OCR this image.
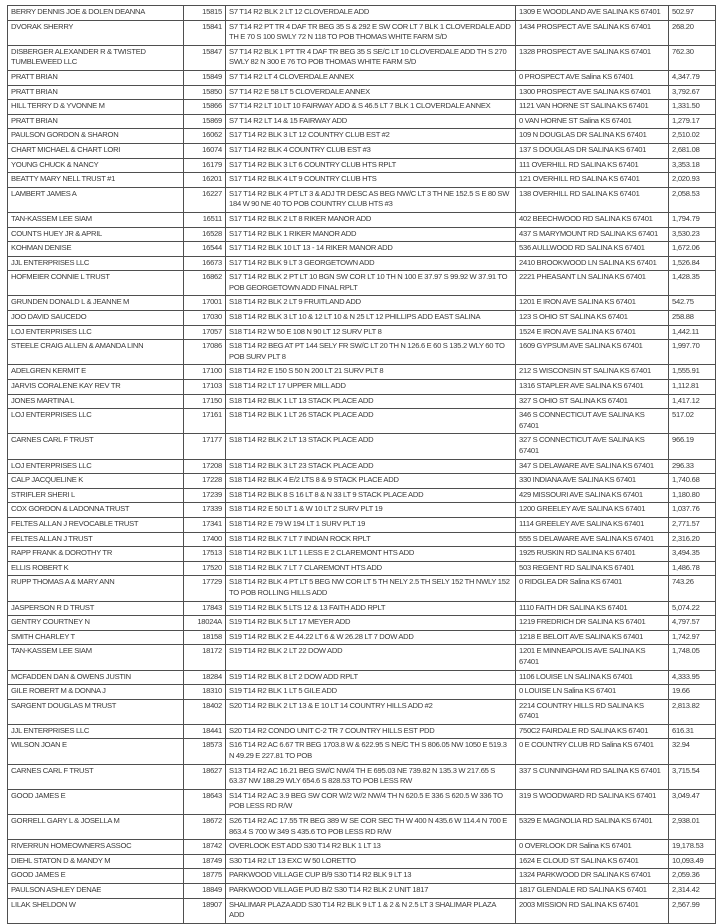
BERRY DENNIS JOE & DOLEN DEANNA	15815	S7 T14 R2 BLK 2 LT 12 CLOVERDALE ADD	1309 E WOODLAND AVE SALINA KS 67401	502.97
DVORAK SHERRY	15841	S7 T14 R2 PT TR 4 DAF TR BEG 35 S & 292 E SW COR LT 7 BLK 1 CLOVERDALE ADD TH E 70 S 100 SWLY 72 N 118 TO POB THOMAS WHITE FARM S/D	1434 PROSPECT AVE SALINA KS 67401	268.20
DISBERGER ALEXANDER R & TWISTED TUMBLEWEED LLC	15847	S7 T14 R2 BLK 1 PT TR 4 DAF TR BEG 35 S SE/C LT 10 CLOVERDALE ADD TH S 270 SWLY 82 N 300 E 76 TO POB THOMAS WHITE FARM S/D	1328 PROSPECT AVE SALINA KS 67401	762.30
PRATT BRIAN	15849	S7 T14 R2 LT 4 CLOVERDALE ANNEX	0 PROSPECT AVE Salina KS 67401	4,347.79
PRATT BRIAN	15850	S7 T14 R2 E 58 LT 5 CLOVERDALE ANNEX	1300 PROSPECT AVE SALINA KS 67401	3,792.67
HILL TERRY D & YVONNE M	15866	S7 T14 R2 LT 10 LT 10 FAIRWAY ADD & S 46.5 LT 7 BLK 1 CLOVERDALE ANNEX	1121 VAN HORNE ST SALINA KS 67401	1,331.50
PRATT BRIAN	15869	S7 T14 R2 LT 14 & 15 FAIRWAY ADD	0 VAN HORNE ST Salina KS 67401	1,279.17
PAULSON GORDON & SHARON	16062	S17 T14 R2 BLK 3 LT 12 COUNTRY CLUB EST #2	109 N DOUGLAS DR SALINA KS 67401	2,510.02
CHART MICHAEL & CHART LORI	16074	S17 T14 R2 BLK 4 COUNTRY CLUB EST #3	137 S DOUGLAS DR SALINA KS 67401	2,681.08
YOUNG CHUCK & NANCY	16179	S17 T14 R2 BLK 3 LT 6 COUNTRY CLUB HTS RPLT	111 OVERHILL RD SALINA KS 67401	3,353.18
BEATTY MARY NELL TRUST #1	16201	S17 T14 R2 BLK 4 LT 9 COUNTRY CLUB HTS	121 OVERHILL RD SALINA KS 67401	2,020.93
LAMBERT JAMES A	16227	S17 T14 R2 BLK 4 PT LT 3 & ADJ TR DESC AS BEG NW/C LT 3 TH NE 152.5 S E 80 SW 184 W 90 NE 40 TO POB COUNTRY CLUB HTS #3	138 OVERHILL RD SALINA KS 67401	2,058.53
TAN-KASSEM LEE SIAM	16511	S17 T14 R2 BLK 2 LT 8 RIKER MANOR ADD	402 BEECHWOOD RD SALINA KS 67401	1,794.79
COUNTS HUEY JR & APRIL	16528	S17 T14 R2 BLK 1 RIKER MANOR ADD	437 S MARYMOUNT RD SALINA KS 67401	3,530.23
KOHMAN DENISE	16544	S17 T14 R2 BLK 10 LT 13 - 14 RIKER MANOR ADD	536 AULLWOOD RD SALINA KS 67401	1,672.06
JJL ENTERPRISES LLC	16673	S17 T14 R2 BLK 9 LT 3 GEORGETOWN ADD	2410 BROOKWOOD LN SALINA KS 67401	1,526.84
HOFMEIER CONNIE L TRUST	16862	S17 T14 R2 BLK 2 PT LT 10 BGN SW COR LT 10 TH N 100 E 37.97 S 99.92 W 37.91 TO POB GEORGETOWN ADD FINAL RPLT	2221 PHEASANT LN SALINA KS 67401	1,428.35
GRUNDEN DONALD L & JEANNE M	17001	S18 T14 R2 BLK 2 LT 9 FRUITLAND ADD	1201 E IRON AVE SALINA KS 67401	542.75
JOO DAVID SAUCEDO	17030	S18 T14 R2 BLK 3 LT 10 & 12 LT 10 & N 25 LT 12 PHILLIPS ADD EAST SALINA	123 S OHIO ST SALINA KS 67401	258.88
LOJ ENTERPRISES LLC	17057	S18 T14 R2 W 50 E 108 N 90 LT 12 SURV PLT 8	1524 E IRON AVE SALINA KS 67401	1,442.11
STEELE CRAIG ALLEN & AMANDA LINN	17086	S18 T14 R2 BEG AT PT 144 SELY FR SW/C LT 20 TH N 126.6 E 60 S 135.2 WLY 60 TO POB SURV PLT 8	1609 GYPSUM AVE SALINA KS 67401	1,997.70
ADELGREN KERMIT E	17100	S18 T14 R2 E 150 S 50 N 200 LT 21 SURV PLT 8	212 S WISCONSIN ST SALINA KS 67401	1,555.91
JARVIS CORALENE KAY REV TR	17103	S18 T14 R2 LT 17 UPPER MILL ADD	1316 STAPLER AVE SALINA KS 67401	1,112.81
JONES MARTINA L	17150	S18 T14 R2 BLK 1 LT 13 STACK PLACE ADD	327 S OHIO ST SALINA KS 67401	1,417.12
LOJ ENTERPRISES LLC	17161	S18 T14 R2 BLK 1 LT 26 STACK PLACE ADD	346 S CONNECTICUT AVE SALINA KS 67401	517.02
CARNES CARL F TRUST	17177	S18 T14 R2 BLK 2 LT 13 STACK PLACE ADD	327 S CONNECTICUT AVE SALINA KS 67401	966.19
LOJ ENTERPRISES LLC	17208	S18 T14 R2 BLK 3 LT 23 STACK PLACE ADD	347 S DELAWARE AVE SALINA KS 67401	296.33
CALP JACQUELINE K	17228	S18 T14 R2 BLK 4 E/2 LTS 8 & 9 STACK PLACE ADD	330 INDIANA AVE SALINA KS 67401	1,740.68
STRIFLER SHERI L	17239	S18 T14 R2 BLK 8 S 16 LT 8 & N 33 LT 9 STACK PLACE ADD	429 MISSOURI AVE SALINA KS 67401	1,180.80
COX GORDON & LADONNA TRUST	17339	S18 T14 R2 E 50 LT 1 & W 10 LT 2 SURV PLT 19	1200 GREELEY AVE SALINA KS 67401	1,037.76
FELTES ALLAN J REVOCABLE TRUST	17341	S18 T14 R2 E 79 W 194 LT 1 SURV PLT 19	1114 GREELEY AVE SALINA KS 67401	2,771.57
FELTES ALLAN J TRUST	17400	S18 T14 R2 BLK 7 LT 7 INDIAN ROCK RPLT	555 S DELAWARE AVE SALINA KS 67401	2,316.20
RAPP FRANK & DOROTHY TR	17513	S18 T14 R2 BLK 1 LT 1 LESS E 2 CLAREMONT HTS ADD	1925 RUSKIN RD SALINA KS 67401	3,494.35
ELLIS ROBERT K	17520	S18 T14 R2 BLK 7 LT 7 CLAREMONT HTS ADD	503 REGENT RD SALINA KS 67401	1,486.78
RUPP THOMAS A & MARY ANN	17729	S18 T14 R2 BLK 4 PT LT 5 BEG NW COR LT 5 TH NELY 2.5 TH SELY 152 TH NWLY 152 TO POB ROLLING HILLS ADD	0 RIDGLEA DR Salina KS 67401	743.26
JASPERSON R D TRUST	17843	S19 T14 R2 BLK 5 LTS 12 & 13 FAITH ADD RPLT	1110 FAITH DR SALINA KS 67401	5,074.22
GENTRY COURTNEY N	18024A	S19 T14 R2 BLK 5 LT 17 MEYER ADD	1219 FREDRICH DR SALINA KS 67401	4,797.57
SMITH CHARLEY T	18158	S19 T14 R2 BLK 2 E 44.22 LT 6 & W 26.28 LT 7 DOW ADD	1218 E BELOIT AVE SALINA KS 67401	1,742.97
TAN-KASSEM LEE SIAM	18172	S19 T14 R2 BLK 2 LT 22 DOW ADD	1201 E MINNEAPOLIS AVE SALINA KS 67401	1,748.05
MCFADDEN DAN & OWENS JUSTIN	18284	S19 T14 R2 BLK 8 LT 2 DOW ADD RPLT	1106 LOUISE LN SALINA KS 67401	4,333.95
GILE ROBERT M & DONNA J	18310	S19 T14 R2 BLK 1 LT 5 GILE ADD	0 LOUISE LN Salina KS 67401	19.66
SARGENT DOUGLAS M TRUST	18402	S20 T14 R2 BLK 2 LT 13 & E 10 LT 14 COUNTRY HILLS ADD #2	2214 COUNTRY HILLS RD SALINA KS 67401	2,813.82
JJL ENTERPRISES LLC	18441	S20 T14 R2 CONDO UNIT C-2 TR 7 COUNTRY HILLS EST PDD	750C2 FAIRDALE RD SALINA KS 67401	616.31
WILSON JOAN E	18573	S16 T14 R2 AC 6.67 TR BEG 1703.8 W & 622.95 S NE/C TH S 806.05 NW 1050 E 519.3 N 49.29 E 227.81 TO POB	0 E COUNTRY CLUB RD Salina KS 67401	32.94
CARNES CARL F TRUST	18627	S13 T14 R2 AC 16.21 BEG SW/C NW/4 TH E 695.03 NE 739.82 N 135.3 W 217.65 S 63.37 NW 188.29 WLY 654.6 S 828.53 TO POB LESS RW	337 S CUNNINGHAM RD SALINA KS 67401	3,715.54
GOOD JAMES E	18643	S14 T14 R2 AC 3.9 BEG SW COR W/2 W/2 NW/4 TH N 620.5 E 336 S 620.5 W 336 TO POB LESS RD R/W	319 S WOODWARD RD SALINA KS 67401	3,049.47
GORRELL GARY L & JOSELLA M	18672	S26 T14 R2 AC 17.55 TR BEG 389 W SE COR SEC TH W 400 N 435.6 W 114.4 N 700 E 863.4 S 700 W 349 S 435.6 TO POB LESS RD R/W	5329 E MAGNOLIA RD SALINA KS 67401	2,938.01
RIVERRUN HOMEOWNERS ASSOC	18742	OVERLOOK EST ADD S30 T14 R2 BLK 1 LT 13	0 OVERLOOK DR Salina KS 67401	19,178.53
DIEHL STATON D & MANDY M	18749	S30 T14 R2 LT 13 EXC W 50 LORETTO	1624 E CLOUD ST SALINA KS 67401	10,093.49
GOOD JAMES E	18775	PARKWOOD VILLAGE CUP B/9 S30 T14 R2 BLK 9 LT 13	1324 PARKWOOD DR SALINA KS 67401	2,059.36
PAULSON ASHLEY DENAE	18849	PARKWOOD VILLAGE PUD B/2 S30 T14 R2 BLK 2 UNIT 1817	1817 GLENDALE RD SALINA KS 67401	2,314.42
LILAK SHELDON W	18907	SHALIMAR PLAZA ADD S30 T14 R2 BLK 9 LT 1 & 2 & N 2.5 LT 3 SHALIMAR PLAZA ADD	2003 MISSION RD SALINA KS 67401	2,567.99
